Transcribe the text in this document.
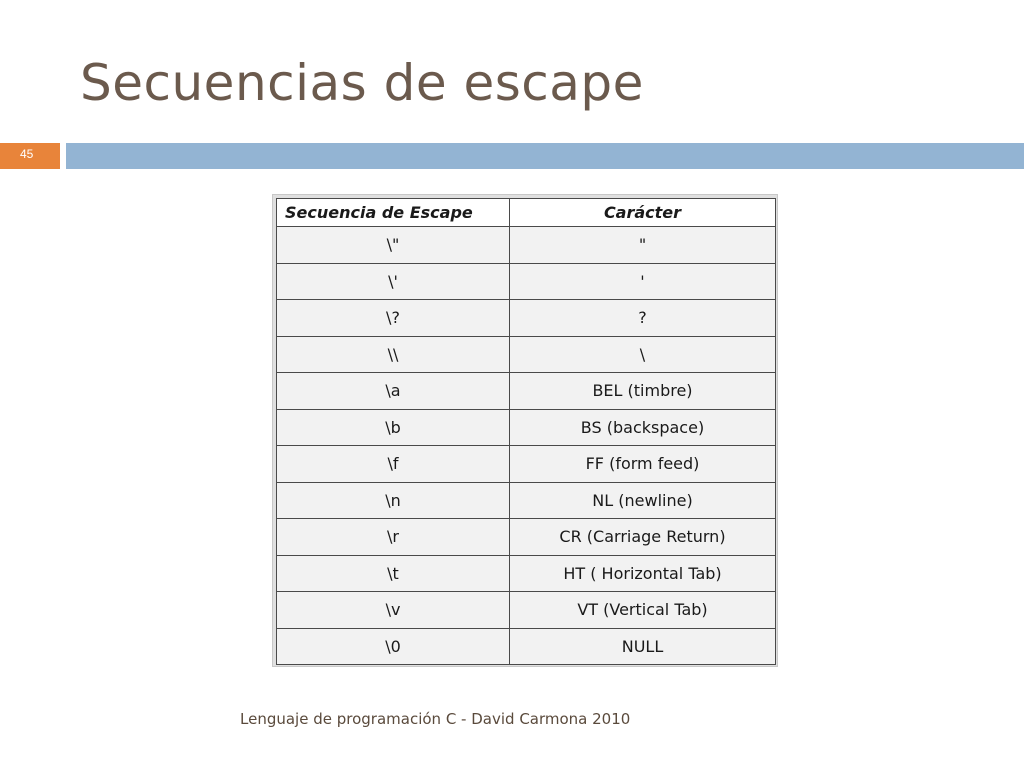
Secuencias de escape
45
Secuencia de Escape	Carácter
\"	"
\'	'
\?	?
\\	\
\a	BEL (timbre)
\b	BS (backspace)
\f	FF (form feed)
\n	NL (newline)
\r	CR (Carriage Return)
\t	HT ( Horizontal Tab)
\v	VT (Vertical Tab)
\0	NULL
Lenguaje de programación C - David Carmona 2010
